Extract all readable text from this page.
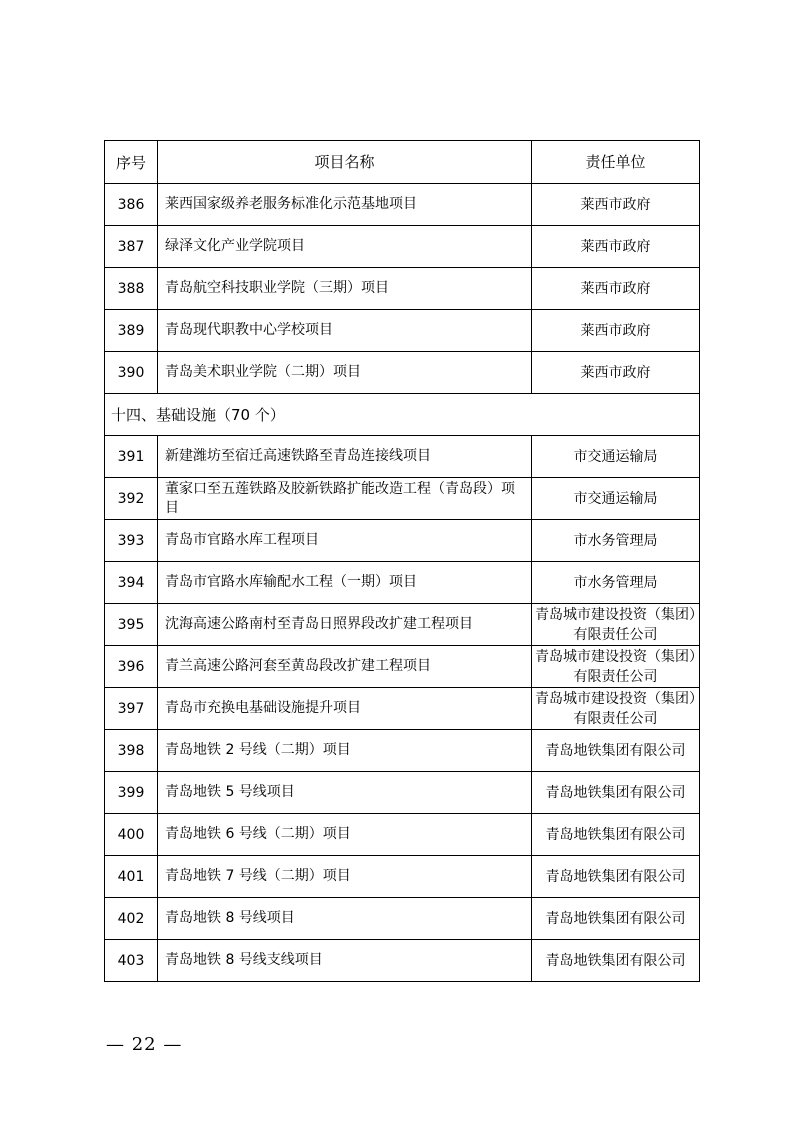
序号	项目名称	责任单位
386	莱西国家级养老服务标准化示范基地项目	莱西市政府
387	绿泽文化产业学院项目	莱西市政府
388	青岛航空科技职业学院（三期）项目	莱西市政府
389	青岛现代职教中心学校项目	莱西市政府
390	青岛美术职业学院（二期）项目	莱西市政府
十四、基础设施（70 个）		
391	新建潍坊至宿迁高速铁路至青岛连接线项目	市交通运输局
392	董家口至五莲铁路及胶新铁路扩能改造工程（青岛段）项目	市交通运输局
393	青岛市官路水库工程项目	市水务管理局
394	青岛市官路水库输配水工程（一期）项目	市水务管理局
395	沈海高速公路南村至青岛日照界段改扩建工程项目	青岛城市建设投资（集团）有限责任公司
396	青兰高速公路河套至黄岛段改扩建工程项目	青岛城市建设投资（集团）有限责任公司
397	青岛市充换电基础设施提升项目	青岛城市建设投资（集团）有限责任公司
398	青岛地铁 2 号线（二期）项目	青岛地铁集团有限公司
399	青岛地铁 5 号线项目	青岛地铁集团有限公司
400	青岛地铁 6 号线（二期）项目	青岛地铁集团有限公司
401	青岛地铁 7 号线（二期）项目	青岛地铁集团有限公司
402	青岛地铁 8 号线项目	青岛地铁集团有限公司
403	青岛地铁 8 号线支线项目	青岛地铁集团有限公司
— 22 —
